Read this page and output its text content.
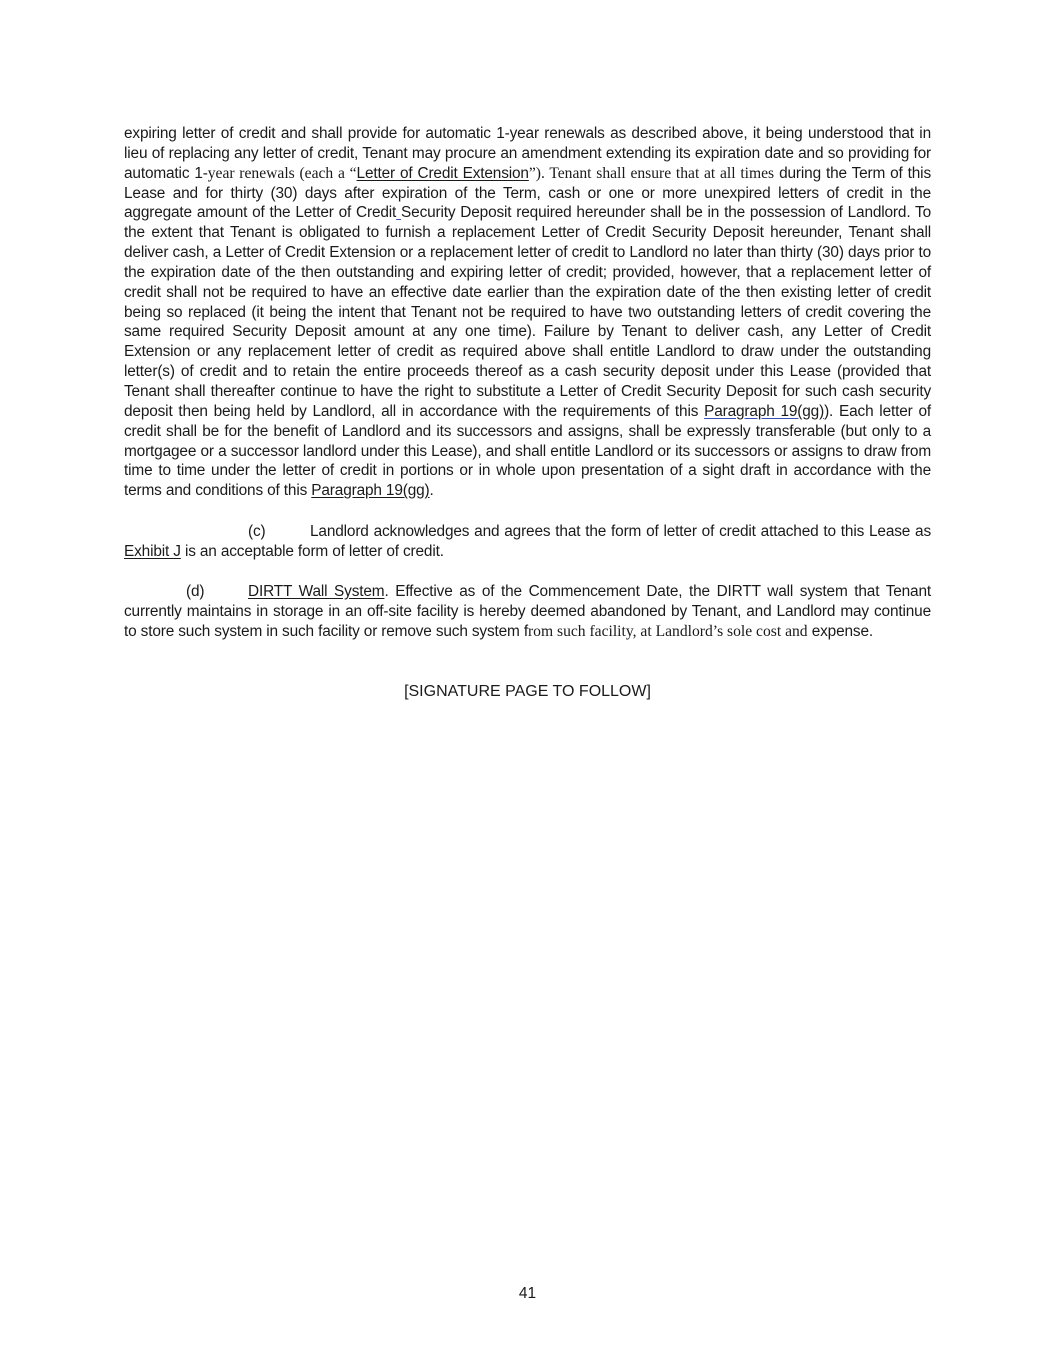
expiring letter of credit and shall provide for automatic 1-year renewals as described above, it being understood that in lieu of replacing any letter of credit, Tenant may procure an amendment extending its expiration date and so providing for automatic 1-year renewals (each a “Letter of Credit Extension”). Tenant shall ensure that at all times during the Term of this Lease and for thirty (30) days after expiration of the Term, cash or one or more unexpired letters of credit in the aggregate amount of the Letter of Credit Security Deposit required hereunder shall be in the possession of Landlord. To the extent that Tenant is obligated to furnish a replacement Letter of Credit Security Deposit hereunder, Tenant shall deliver cash, a Letter of Credit Extension or a replacement letter of credit to Landlord no later than thirty (30) days prior to the expiration date of the then outstanding and expiring letter of credit; provided, however, that a replacement letter of credit shall not be required to have an effective date earlier than the expiration date of the then existing letter of credit being so replaced (it being the intent that Tenant not be required to have two outstanding letters of credit covering the same required Security Deposit amount at any one time). Failure by Tenant to deliver cash, any Letter of Credit Extension or any replacement letter of credit as required above shall entitle Landlord to draw under the outstanding letter(s) of credit and to retain the entire proceeds thereof as a cash security deposit under this Lease (provided that Tenant shall thereafter continue to have the right to substitute a Letter of Credit Security Deposit for such cash security deposit then being held by Landlord, all in accordance with the requirements of this Paragraph 19(gg)). Each letter of credit shall be for the benefit of Landlord and its successors and assigns, shall be expressly transferable (but only to a mortgagee or a successor landlord under this Lease), and shall entitle Landlord or its successors or assigns to draw from time to time under the letter of credit in portions or in whole upon presentation of a sight draft in accordance with the terms and conditions of this Paragraph 19(gg).

(c)	Landlord acknowledges and agrees that the form of letter of credit attached to this Lease as Exhibit J is an acceptable form of letter of credit.

(d)	DIRTT Wall System. Effective as of the Commencement Date, the DIRTT wall system that Tenant currently maintains in storage in an off-site facility is hereby deemed abandoned by Tenant, and Landlord may continue to store such system in such facility or remove such system from such facility, at Landlord’s sole cost and expense.

[SIGNATURE PAGE TO FOLLOW]
41
